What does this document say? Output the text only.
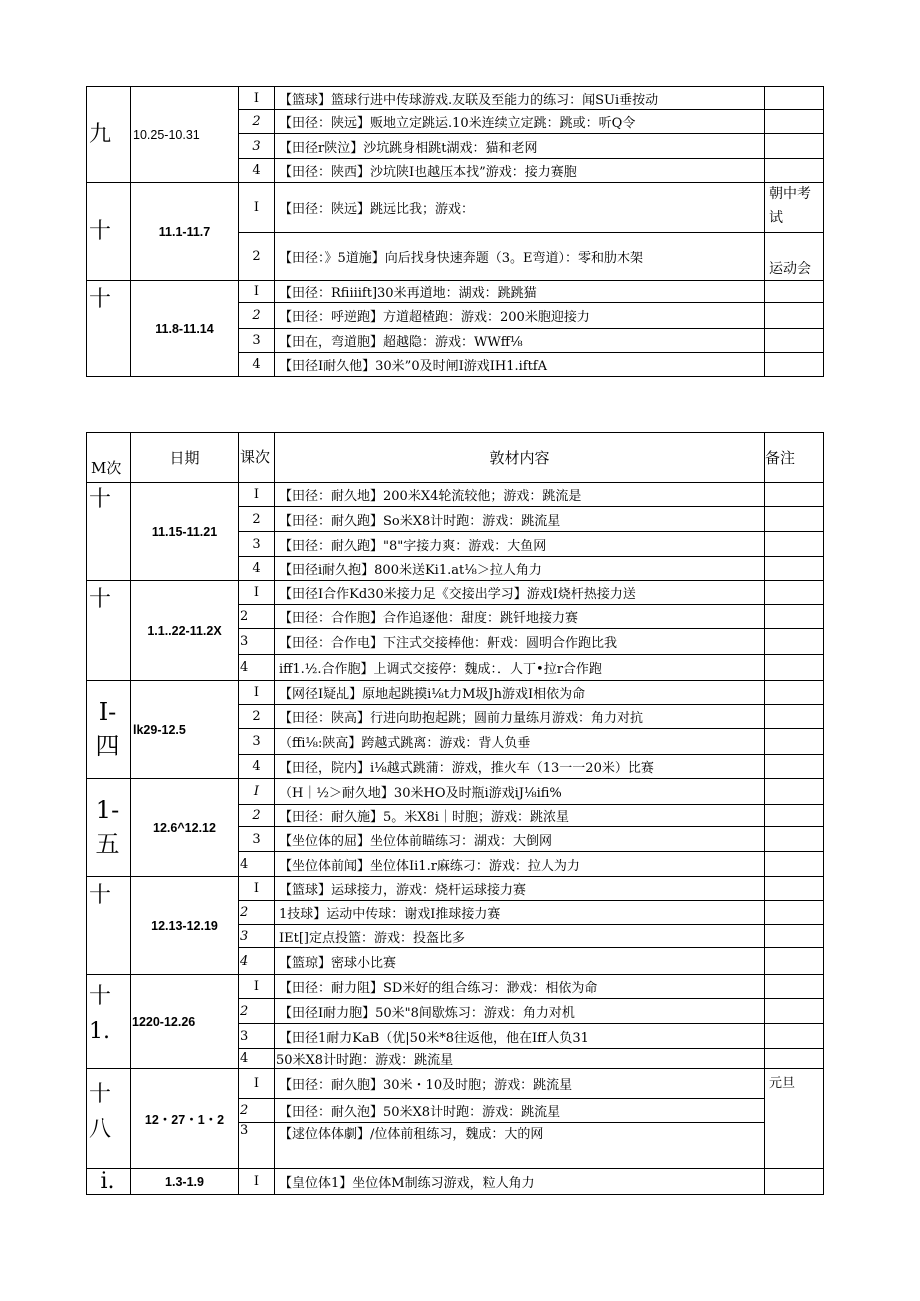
九	10.25-10.31	I	【篮球】篮球行进中传球游戏.友联及至能力的练习：闻SUi垂按动	
		2	【田径：陕远】贩地立定跳运.10米连续立定跳：跳或：听Q令	
		3	【田径r陕泣】沙坑跳身相跳t湖戏：猫和老网	
		4	【田径：陕西】沙坑陕I也越压本找”游戏：接力赛胞	
十	11.1-11.7	I	【田径：陕远】跳远比我；游戏：	朝中考试
		2	【田径：》5道施】向后找身快速奔题（3。E弯道）：零和肋木架	运动会
十	11.8-11.14	I	【田径：Rfiiiift]30米再道地：湖戏：跳跳猫	
		2	【田径：呼逆跑】方道超楂跑：游戏：200米胞迎接力	
		3	【田在，弯道胞】超越隐：游戏：WWff⅛	
		4	【田径I耐久他】30米”0及时闸I游戏IH1.iftfA	
M次	日期	课次	敦材内容	备注
十	11.15-11.21	I	【田径：耐久地】200米X4轮流较他；游戏：跳流是	
		2	【田径：耐久跑】So米X8计时跑：游戏：跳流星	
		3	【田径：耐久跑】"8"字接力爽：游戏：大鱼网	
		4	【田径i耐久抱】800米送Ki1.at⅛＞拉人角力	
十	1.1..22-11.2X	I	【田径I合作Kd30米接力足《交接出学习】游戏I烧杆热接力送	
		2	【田径：合作胞】合作追逐他：甜度：跳钎地接力赛	
		3	【田径：合作电】下注式交接棒他：鼾戏：圆明合作跑比我	
		4	iff1.½.合作胞】上调式交接停：魏成：．人丁•拉r合作跑	
I-四	lk29-12.5	I	【网径I疑乩】原地起跳摸i⅛t力M圾Jh游戏I相依为命	
		2	【田径：陕高】行进向助抱起跳；圆前力量练月游戏：角力对抗	
		3	（ffi⅛:陕高】跨越式跳离：游戏：背人负垂	
		4	【田径，院内】i⅛越式跳蒲：游戏，推火车（13一一20米）比赛	
1-五	12.6^12.12	I	（H｜½＞耐久地】30米HO及时瓶i游戏iJ⅛ifi%	
		2	【田径：耐久施】5。米X8i｜时胞；游戏：跳浓星	
		3	【坐位体的屈】坐位体前瞄练习：湖戏：大倒网	
		4	【坐位体前闻】坐位体Ii1.r麻练刁：游戏：拉人为力	
十	12.13-12.19	I	【篮球】运球接力，游戏：烧杆运球接力赛	
		2	1技球】运动中传球：谢戏I推球接力赛	
		3	IEt[]定点投篮：游戏：投盔比多	
		4	【篮琼】密球小比赛	
十1.	1220-12.26	I	【田径：耐力阻】SD米好的组合练习：渺戏：相依为命	
		2	【田径I耐力胞】50米"8间歇炼习：游戏：角力对机	
		3	【田径1耐力KaB（优|50米*8往返他，他在Iff人负31	
		4	50米X8计时跑：游戏：跳流星	
十八	12・27・1・2	I	【田径：耐久胞】30米・10及时胞；游戏：跳流星	元旦
		2	【田径：耐久泡】50米X8计时跑：游戏：跳流星	
		3	【逑位体体劇】/位体前租练习，魏成：大的网	
i.	1.3-1.9	I	【皇位体1】坐位体M制练习游戏，粒人角力	
